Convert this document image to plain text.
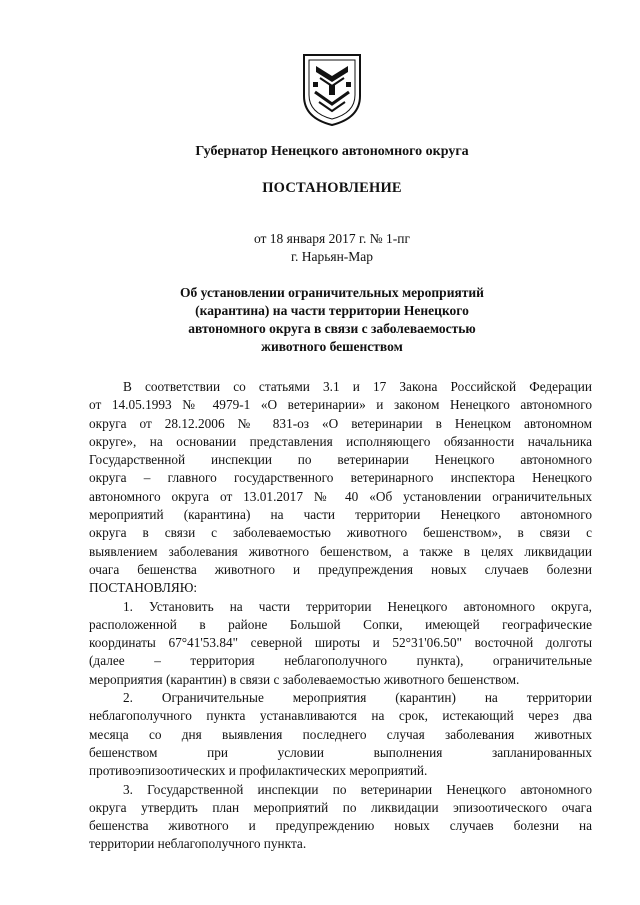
Губернатор Ненецкого автономного округа
ПОСТАНОВЛЕНИЕ
от 18 января 2017 г. № 1-пг
г. Нарьян-Мар
Об установлении ограничительных мероприятий
(карантина) на части территории Ненецкого
автономного округа в связи с заболеваемостью
животного бешенством
В соответствии со статьями 3.1 и 17 Закона Российской Федерации
от 14.05.1993 № 4979-1 «О ветеринарии» и законом Ненецкого автономного
округа от 28.12.2006 № 831-оз «О ветеринарии в Ненецком автономном
округе», на основании представления исполняющего обязанности начальника
Государственной инспекции по ветеринарии Ненецкого автономного
округа – главного государственного ветеринарного инспектора Ненецкого
автономного округа от 13.01.2017 № 40 «Об установлении ограничительных
мероприятий (карантина) на части территории Ненецкого автономного
округа в связи с заболеваемостью животного бешенством», в связи с
выявлением заболевания животного бешенством, а также в целях ликвидации
очага бешенства животного и предупреждения новых случаев болезни
ПОСТАНОВЛЯЮ:
1. Установить на части территории Ненецкого автономного округа,
расположенной в районе Большой Сопки, имеющей географические
координаты 67°41'53.84" северной широты и 52°31'06.50" восточной долготы
(далее – территория неблагополучного пункта), ограничительные
мероприятия (карантин) в связи с заболеваемостью животного бешенством.
2. Ограничительные мероприятия (карантин) на территории
неблагополучного пункта устанавливаются на срок, истекающий через два
месяца со дня выявления последнего случая заболевания животных
бешенством при условии выполнения запланированных
противоэпизоотических и профилактических мероприятий.
3. Государственной инспекции по ветеринарии Ненецкого автономного
округа утвердить план мероприятий по ликвидации эпизоотического очага
бешенства животного и предупреждению новых случаев болезни на
территории неблагополучного пункта.
